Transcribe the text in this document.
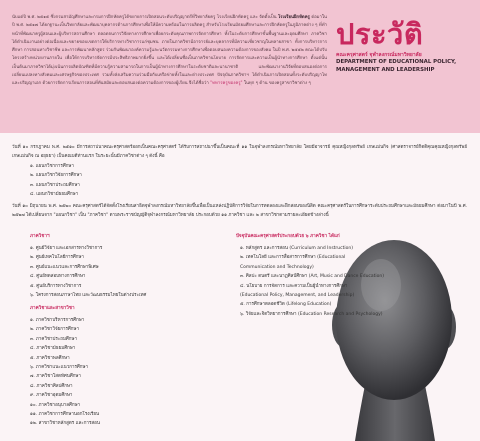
นับแต่ปี พ.ศ. ๒๕๑๕ ซึ่งกรมสามัญศึกษาและกรมการฝึกหัดครูได้ขยายการเปิดสอนระดับปริญญาตรีที่วิทยาลัยครู โรงเรียนฝึกหัดครู และ จัดตั้งเป็น โรงเรียนฝึกหัดครู ต่อมาในปี พ.ศ. ๒๕๑๗ ได้ยกฐานะเป็นวิทยาลัยและพัฒนาบุคลากรด้านการศึกษาเพื่อให้มีความพร้อมในการผลิตครู สำหรับโรงเรียนมัธยมศึกษาและการฝึกหัดครูในภูมิภาคต่าง ๆ ที่ทำหน้าที่พัฒนาครูผู้สอนและผู้บริหารสถานศึกษา ตลอดจนการวิจัยทางการศึกษาเพื่อยกระดับคุณภาพการจัดการศึกษา ทั้งในระดับการศึกษาขั้นพื้นฐานและอุดมศึกษา ภาควิชาได้ดำเนินงานอย่างต่อเนื่องและขยายขอบเขตการให้บริการทางวิชาการแก่ชุมชน ภายในภาควิชามีอาจารย์และบุคลากรที่มีความเชี่ยวชาญในหลายสาขา ทั้งการบริหารการศึกษา การสอนทางวิชาชีพ และการพัฒนาหลักสูตร ร่วมกันพัฒนาองค์ความรู้และนวัตกรรมทางการศึกษาเพื่อตอบสนองความต้องการของสังคม ในปี พ.ศ. ๒๕๕๒ คณะได้ปรับโครงสร้างหน่วยงานภายใน เพื่อให้การบริหารจัดการมีประสิทธิภาพมากยิ่งขึ้น และได้เปลี่ยนชื่อเป็นภาควิชานโยบาย การจัดการและความเป็นผู้นำทางการศึกษา ตั้งแต่นั้นเป็นต้นมาภาควิชาได้มุ่งเน้นการผลิตบัณฑิตที่มีความรู้ความสามารถในการเป็นผู้นำทางการศึกษาในระดับชาติและนานาชาติ	และพัฒนางานวิจัยที่ตอบสนองต่อการเปลี่ยนแปลงทางสังคมและเศรษฐกิจของประเทศ รวมทั้งส่งเสริมความร่วมมือกับเครือข่ายทั้งในและต่างประเทศ ปัจจุบันภาควิชาฯ ได้ดำเนินการเปิดสอนทั้งระดับปริญญาโทและปริญญาเอก ด้วยการจัดการเรียนการสอนที่ทันสมัยและตอบสนองต่อความต้องการของผู้เรียน จึงได้ชื่อว่า "ทหารครูของครู" ในทุก ๆ ด้าน ของครูสาขาวิชาต่าง ๆ
ประวัติ
คณะครุศาสตร์ จุฬาลงกรณ์มหาวิทยาลัย
DEPARTMENT OF EDUCATIONAL POLICY,
MANAGEMENT AND LEADERSHIP
วันที่ ๑๐ กรกฎาคม พ.ศ. ๒๕๑๐ มีการสถาปนาคณะครุศาสตร์ออกเป็นคณะครุศาสตร์ ได้รับการสถาปนาขึ้นเป็นคณะที่ ๑๑ ในจุฬาลงกรณ์มหาวิทยาลัย โดยมีอาจารย์ คุณหญิงกุลทรัพย์ เกษแม่นกิจ (ศาสตราจารย์กิตติคุณคุณหญิงกุลทรัพย์ เกษแม่นกิจ ณ อยุธยา) เป็นคณบดีท่านแรก ในระยะนั้นมีภาควิชาต่าง ๆ ดังนี้ คือ
๑. แผนกวิชาการศึกษา
๒. แผนกวิชาวิจัยการศึกษา
๓. แผนกวิชาประถมศึกษา
๔. แผนกวิชามัธยมศึกษา
วันที่ ๑๐ มิถุนายน พ.ศ. ๒๕๒๐ คณะครุศาสตร์ได้จัดตั้งโรงเรียนสาธิตจุฬาลงกรณ์มหาวิทยาลัยขึ้นเพื่อเป็นแหล่งปฏิบัติการวิจัยในการทดลองและฝึกสอนของนิสิต คณะครุศาสตร์ในการศึกษาระดับประถมศึกษาและมัธยมศึกษา ต่อมาในปี พ.ศ. ๒๕๒๗ ได้เปลี่ยนจาก "แผนกวิชา" เป็น "ภาควิชา" ตามพระราชบัญญัติจุฬาลงกรณ์มหาวิทยาลัย ประกอบด้วย ๑๑ ภาควิชา และ ๒ สาขาวิชาตามรายละเอียดข้างล่างนี้
ภาควิชาฯ
๑. ศูนย์วิจัยฯ และเอกสารทางวิชาการ
๒. ศูนย์เทคโนโลยีการศึกษา
๓. ศูนย์แนะแนวและการศึกษาพิเศษ
๔. ศูนย์ทดสอบทางการศึกษา
๕. ศูนย์บริการทางวิชาการ
๖. โครงการสอนภาษาไทย และวัฒนธรรมไทยในต่างประเทศ
ภาควิชาและสาขาวิชา
๑. ภาควิชาบริหารการศึกษา
๒. ภาควิชาวิจัยการศึกษา
๓. ภาควิชาประถมศึกษา
๔. ภาควิชามัธยมศึกษา
๕. ภาควิชาพลศึกษา
๖. ภาควิชาแนะแนวการศึกษา
๗. ภาควิชาโสตทัศนศึกษา
๘. ภาควิชาศิลปศึกษา
๙. ภาควิชาอุดมศึกษา
๑๐. ภาควิชาอนุบาลศึกษา
๑๑. ภาควิชาการศึกษานอกโรงเรียน
๑๒. สาขาวิชาหลักสูตร และการสอน
ปัจจุบันคณะครุศาสตร์ประกอบด้วย ๖ ภาควิชา ได้แก่
๑. หลักสูตร และการสอน (Curriculum and Instruction)
๒. เทคโนโลยี และการสื่อสารการศึกษา (Educational
Communication and Technology)
๓. ศิลปะ ดนตรี และนาฏศิลป์ศึกษา (Art, Music and Dance Education)
๔. นโยบาย การจัดการ และความเป็นผู้นำทางการศึกษา
(Educational Policy, Management, and Leadership)
๕. การศึกษาตลอดชีวิต (Lifelong Education)
๖. วิจัยและจิตวิทยาการศึกษา (Education Research and Psychology)
